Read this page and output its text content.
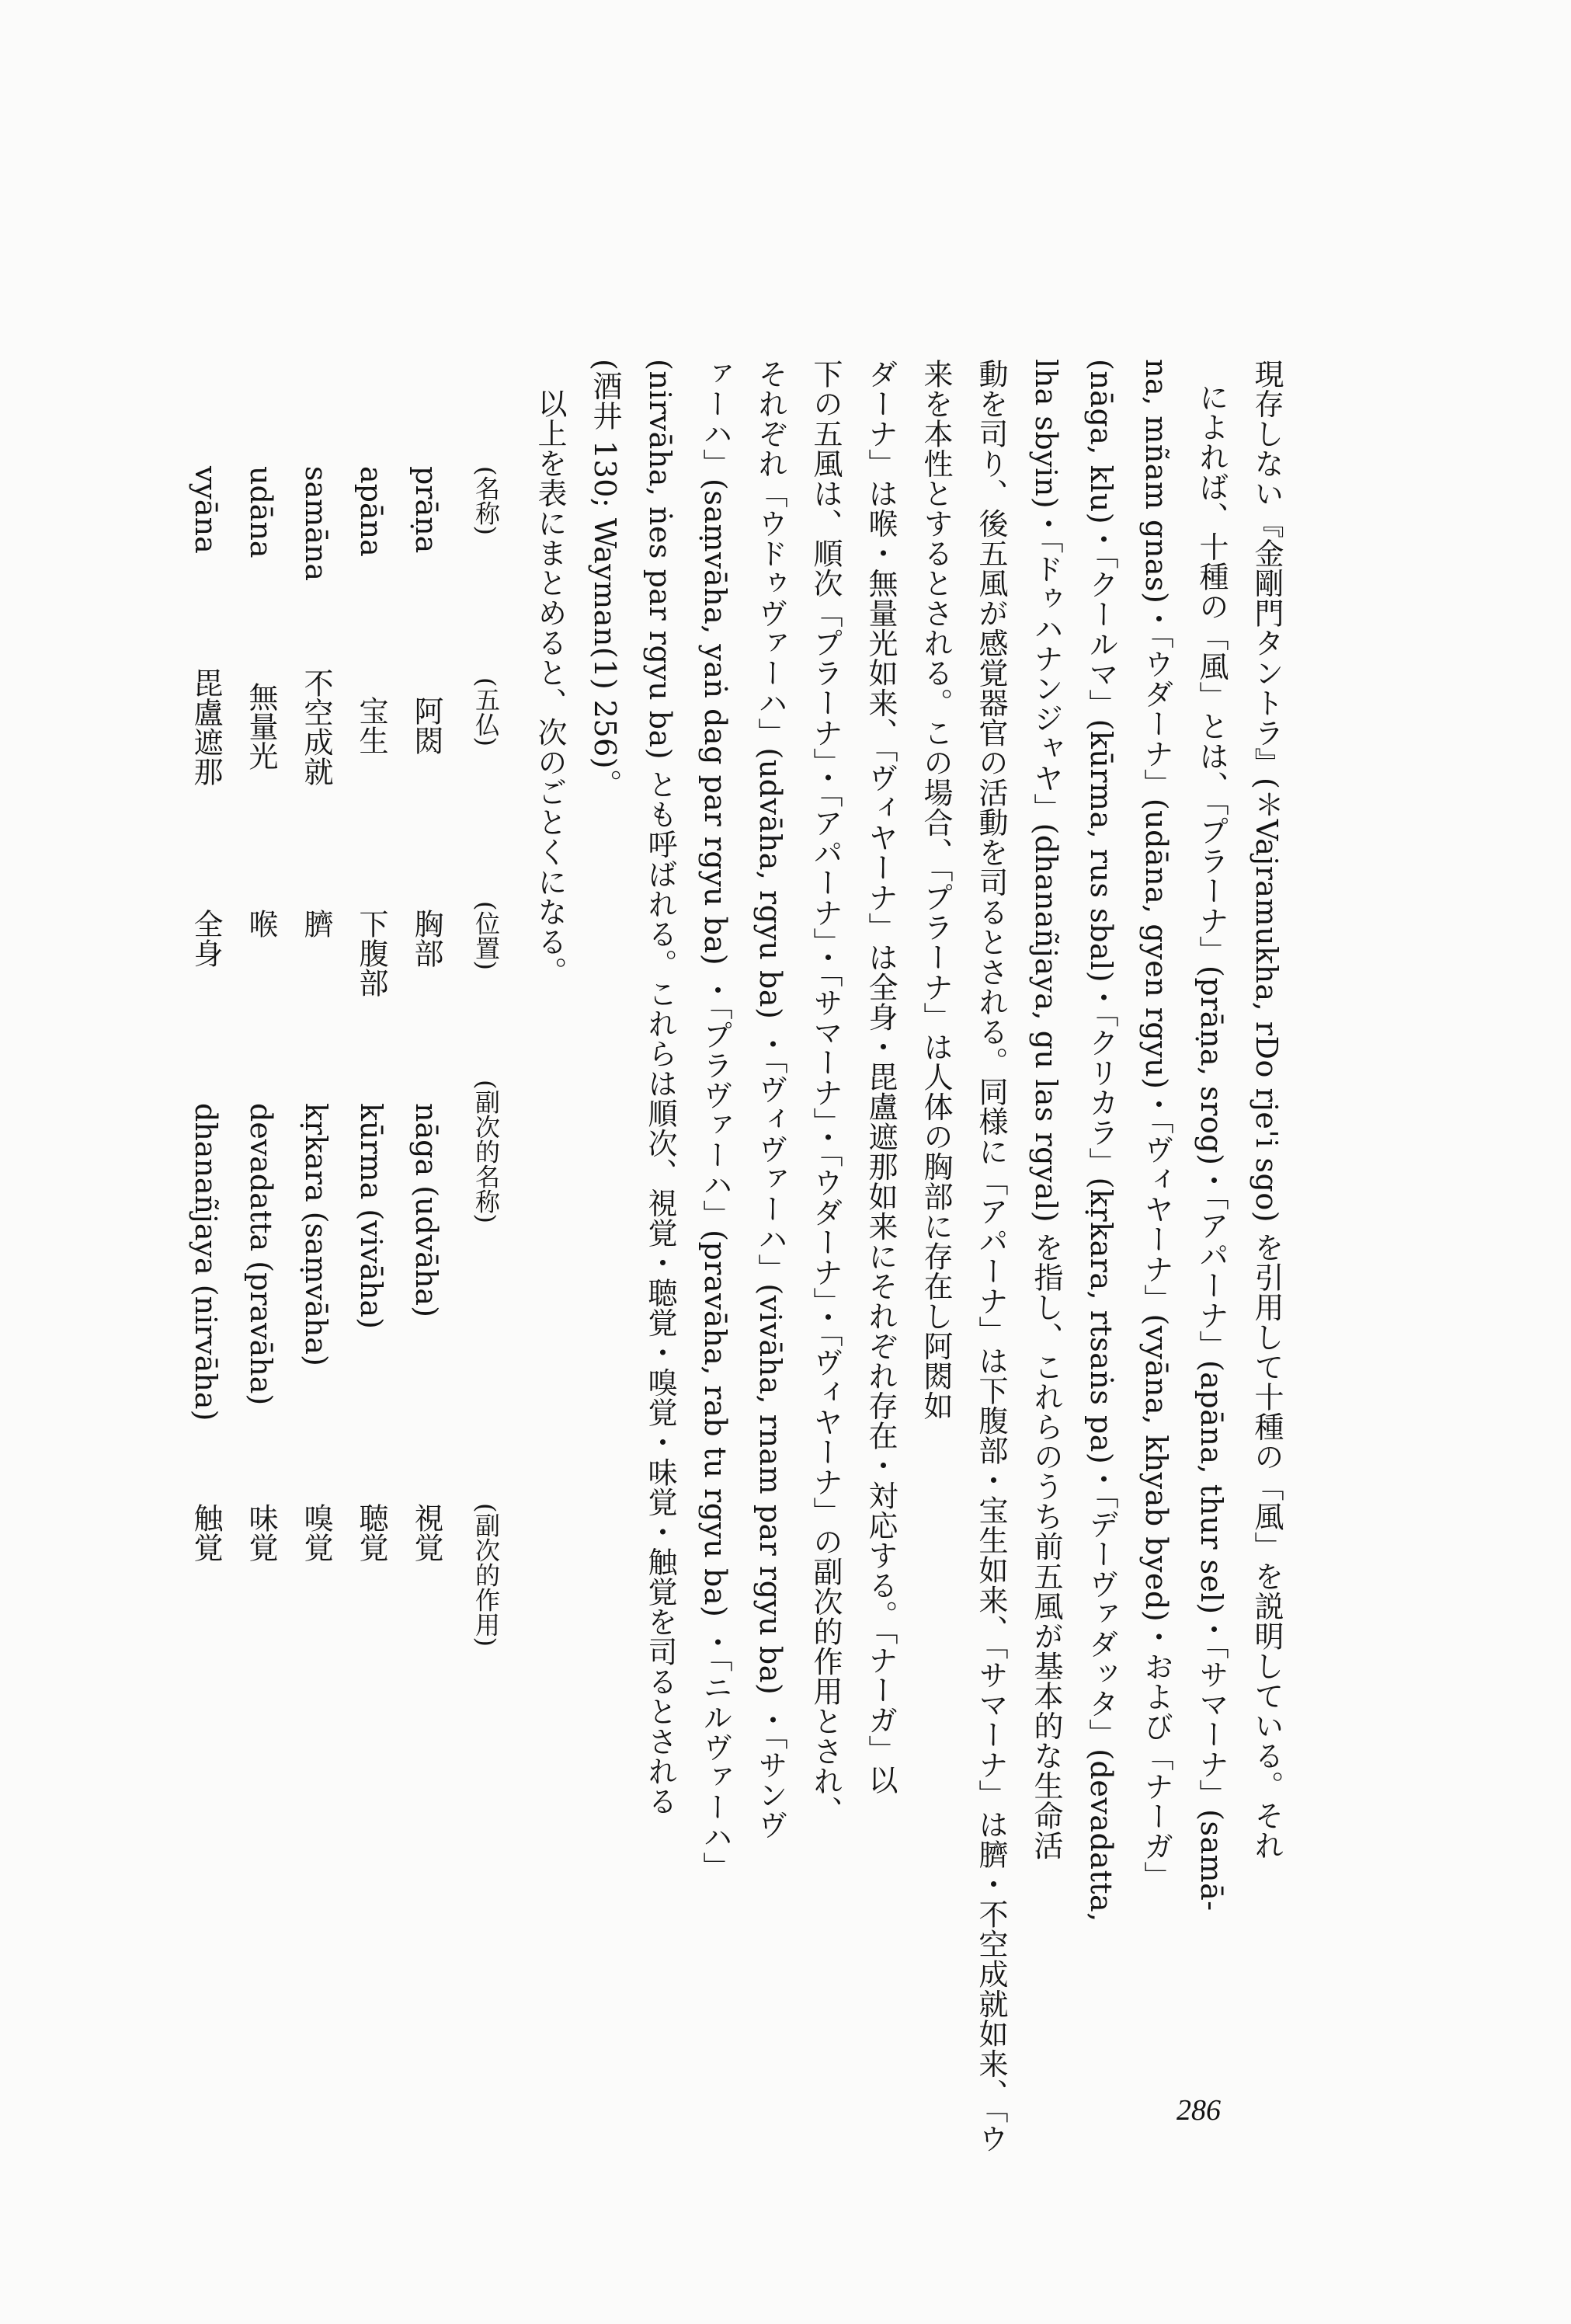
現存しない『金剛門タントラ』(＊Vajramukha, rDo rje'i sgo) を引用して十種の「風」を説明している。それ
によれば、十種の「風」とは、「プラーナ」(prāṇa, srog)・「アパーナ」(apāna, thur sel)・「サマーナ」(samā-
na, mñam gnas)・「ウダーナ」(udāna, gyen rgyu)・「ヴィヤーナ」(vyāna, khyab byed)・および「ナーガ」
(nāga, klu)・「クールマ」(kūrma, rus sbal)・「クリカラ」(kṛkara, rtsaṅs pa)・「デーヴァダッタ」(devadatta,
lha sbyin)・「ドゥハナンジャヤ」(dhanañjaya, gu las rgyal) を指し、これらのうち前五風が基本的な生命活
動を司り、後五風が感覚器官の活動を司るとされる。同様に「アパーナ」は下腹部・宝生如来、「サマーナ」は臍・不空成就如来、「ウ
来を本性とするとされる。この場合、「プラーナ」は人体の胸部に存在し阿閦如
ダーナ」は喉・無量光如来、「ヴィヤーナ」は全身・毘盧遮那如来にそれぞれ存在・対応する。「ナーガ」以
下の五風は、順次「プラーナ」・「アパーナ」・「サマーナ」・「ウダーナ」・「ヴィヤーナ」の副次的作用とされ、
それぞれ「ウドゥヴァーハ」(udvāha, rgyu ba) ・「ヴィヴァーハ」(vivāha, rnam par rgyu ba) ・「サンヴ
ァーハ」(saṃvāha, yaṅ dag par rgyu ba) ・「プラヴァーハ」(pravāha, rab tu rgyu ba) ・「ニルヴァーハ」
(nirvāha, ṅes par rgyu ba) とも呼ばれる。これらは順次、視覚・聴覚・嗅覚・味覚・触覚を司るとされる
(酒井 130; Wayman(1) 256)。
以上を表にまとめると、次のごとくになる。
(名称)
(五仏)
(位置)
(副次的名称)
(副次的作用)
prāṇa
阿閦
胸部
nāga (udvāha)
視覚
apāna
宝生
下腹部
kūrma (vivāha)
聴覚
samāna
不空成就
臍
kṛkara (saṃvāha)
嗅覚
udāna
無量光
喉
devadatta (pravāha)
味覚
vyāna
毘盧遮那
全身
dhanañjaya (nirvāha)
触覚
286
